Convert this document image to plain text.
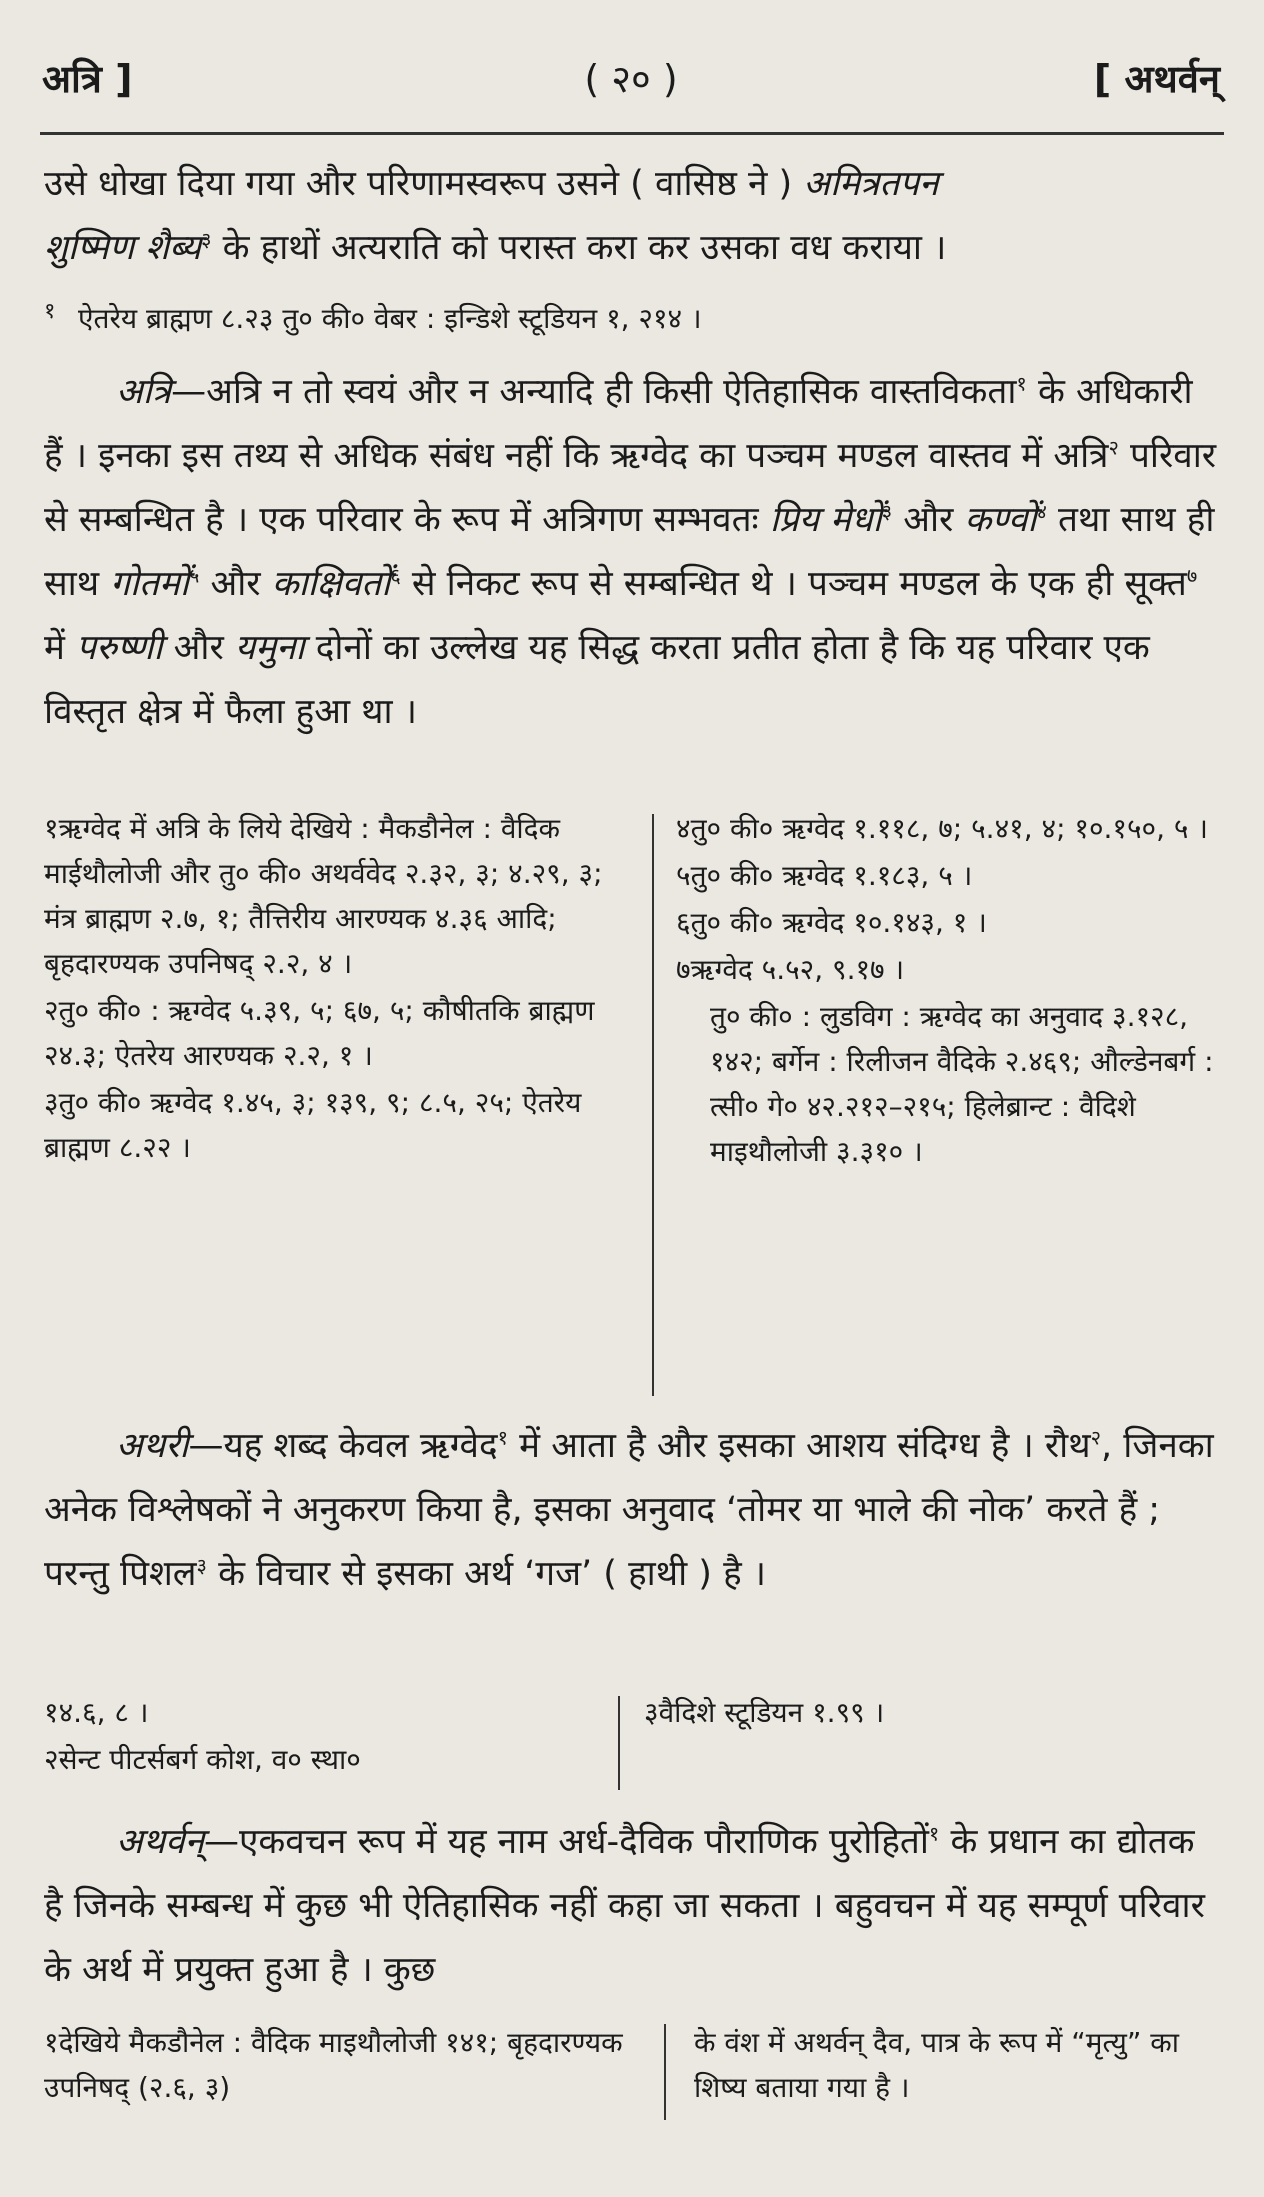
अत्रि ]	( २० )	[ अथर्वन्

उसे धोखा दिया गया और परिणामस्वरूप उसने ( वासिष्ठ ने ) अमित्रतपन

शुष्मिण शैब्य$^३$ के हाथों अत्यराति को परास्त करा कर उसका वध कराया ।

१ ऐतरेय ब्राह्मण ८.२३ तु० की० वेबर : इन्डिशे स्टूडियन १, २१४ ।

अत्रि—अत्रि न तो स्वयं और न अन्यादि ही किसी ऐतिहासिक वास्तविकता$^१$ के अधिकारी हैं । इनका इस तथ्य से अधिक संबंध नहीं कि ऋग्वेद का पञ्चम मण्डल वास्तव में अत्रि$^२$ परिवार से सम्बन्धित है । एक परिवार के रूप में अत्रिगण सम्भवतः प्रिय मेधों$^३$ और कण्वों$^४$ तथा साथ ही साथ गोतमों$^५$ और काक्षिवतों$^६$ से निकट रूप से सम्बन्धित थे । पञ्चम मण्डल के एक ही सूक्त$^७$ में परुष्णी और यमुना दोनों का उल्लेख यह सिद्ध करता प्रतीत होता है कि यह परिवार एक विस्तृत क्षेत्र में फैला हुआ था ।

१ऋग्वेद में अत्रि के लिये देखिये : मैकडौनेल : वैदिक माईथौलोजी और तु० की० अथर्ववेद २.३२, ३; ४.२९, ३; मंत्र ब्राह्मण २.७, १; तैत्तिरीय आरण्यक ४.३६ आदि; बृहदारण्यक उपनिषद् २.२, ४ ।

२तु० की० : ऋग्वेद ५.३९, ५; ६७, ५; कौषीतकि ब्राह्मण २४.३; ऐतरेय आरण्यक २.२, १ ।

३तु० की० ऋग्वेद १.४५, ३; १३९, ९; ८.५, २५; ऐतरेय ब्राह्मण ८.२२ ।

४तु० की० ऋग्वेद १.११८, ७; ५.४१, ४; १०.१५०, ५ ।

५तु० की० ऋग्वेद १.१८३, ५ ।

६तु० की० ऋग्वेद १०.१४३, १ ।

७ऋग्वेद ५.५२, ९.१७ ।

तु० की० : लुडविग : ऋग्वेद का अनुवाद ३.१२८, १४२; बर्गेन : रिलीजन वैदिके २.४६९; औल्डेनबर्ग : त्सी० गे० ४२.२१२–२१५; हिलेब्रान्ट : वैदिशे माइथौलोजी ३.३१० ।

अथरी—यह शब्द केवल ऋग्वेद$^१$ में आता है और इसका आशय संदिग्ध है । रौथ$^२$, जिनका अनेक विश्लेषकों ने अनुकरण किया है, इसका अनुवाद ‘तोमर या भाले की नोक’ करते हैं ; परन्तु पिशल$^३$ के विचार से इसका अर्थ ‘गज’ ( हाथी ) है ।

१४.६, ८ ।

२सेन्ट पीटर्सबर्ग कोश, व० स्था०

३वैदिशे स्टूडियन १.९९ ।

अथर्वन्—एकवचन रूप में यह नाम अर्ध-दैविक पौराणिक पुरोहितों$^१$ के प्रधान का द्योतक है जिनके सम्बन्ध में कुछ भी ऐतिहासिक नहीं कहा जा सकता । बहुवचन में यह सम्पूर्ण परिवार के अर्थ में प्रयुक्त हुआ है । कुछ

१देखिये मैकडौनेल : वैदिक माइथौलोजी १४१; बृहदारण्यक उपनिषद् (२.६, ३)

के वंश में अथर्वन् दैव, पात्र के रूप में “मृत्यु” का शिष्य बताया गया है ।
